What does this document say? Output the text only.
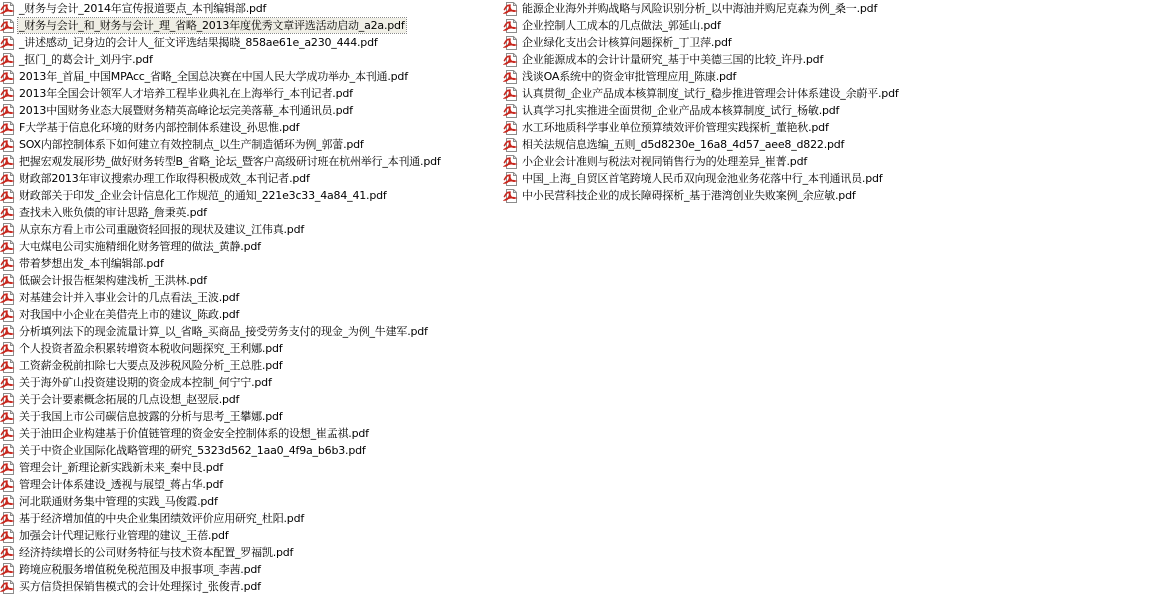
_财务与会计_2014年宣传报道要点_本刊编辑部.pdf
_财务与会计_和_财务与会计_理_省略_2013年度优秀文章评选活动启动_a2a.pdf
_讲述感动_记身边的会计人_征文评选结果揭晓_858ae61e_a230_444.pdf
_抠门_的葛会计_刘丹宇.pdf
2013年_首届_中国MPAcc_省略_全国总决赛在中国人民大学成功举办_本刊通.pdf
2013年全国会计领军人才培养工程毕业典礼在上海举行_本刊记者.pdf
2013中国财务业态大展暨财务精英高峰论坛完美落幕_本刊通讯员.pdf
F大学基于信息化环境的财务内部控制体系建设_孙思惟.pdf
SOX内部控制体系下如何建立有效控制点_以生产制造循环为例_郭蕾.pdf
把握宏观发展形势_做好财务转型B_省略_论坛_暨客户高级研讨班在杭州举行_本刊通.pdf
财政部2013年审议搜索办理工作取得积极成效_本刊记者.pdf
财政部关于印发_企业会计信息化工作规范_的通知_221e3c33_4a84_41.pdf
查找未入账负债的审计思路_詹秉英.pdf
从京东方看上市公司重融资轻回报的现状及建议_江伟真.pdf
大屯煤电公司实施精细化财务管理的做法_黄静.pdf
带着梦想出发_本刊编辑部.pdf
低碳会计报告框架构建浅析_王洪林.pdf
对基建会计并入事业会计的几点看法_王波.pdf
对我国中小企业在美借壳上市的建议_陈政.pdf
分析填列法下的现金流量计算_以_省略_买商品_接受劳务支付的现金_为例_牛建军.pdf
个人投资者盈余积累转增资本税收问题探究_王利娜.pdf
工资薪金税前扣除七大要点及涉税风险分析_王总胜.pdf
关于海外矿山投资建设期的资金成本控制_何宁宁.pdf
关于会计要素概念拓展的几点设想_赵翌辰.pdf
关于我国上市公司碳信息披露的分析与思考_王攀娜.pdf
关于油田企业构建基于价值链管理的资金安全控制体系的设想_崔孟祺.pdf
关于中资企业国际化战略管理的研究_5323d562_1aa0_4f9a_b6b3.pdf
管理会计_新理论新实践新未来_秦中艮.pdf
管理会计体系建设_透视与展望_蒋占华.pdf
河北联通财务集中管理的实践_马俊霞.pdf
基于经济增加值的中央企业集团绩效评价应用研究_杜阳.pdf
加强会计代理记账行业管理的建议_王蓓.pdf
经济持续增长的公司财务特征与技术资本配置_罗福凯.pdf
跨境应税服务增值税免税范围及申报事项_李茜.pdf
买方信贷担保销售模式的会计处理探讨_张俊青.pdf
能源企业海外并购战略与风险识别分析_以中海油并购尼克森为例_桑一.pdf
企业控制人工成本的几点做法_郭延山.pdf
企业绿化支出会计核算问题探析_丁卫萍.pdf
企业能源成本的会计计量研究_基于中美德三国的比较_许丹.pdf
浅谈OA系统中的资金审批管理应用_陈康.pdf
认真贯彻_企业产品成本核算制度_试行_稳步推进管理会计体系建设_余蔚平.pdf
认真学习扎实推进全面贯彻_企业产品成本核算制度_试行_杨敏.pdf
水工环地质科学事业单位预算绩效评价管理实践探析_董艳秋.pdf
相关法规信息选编_五则_d5d8230e_16a8_4d57_aee8_d822.pdf
小企业会计准则与税法对视同销售行为的处理差异_崔菁.pdf
中国_上海_自贸区首笔跨境人民币双向现金池业务花落中行_本刊通讯员.pdf
中小民营科技企业的成长障碍探析_基于港湾创业失败案例_余应敏.pdf
